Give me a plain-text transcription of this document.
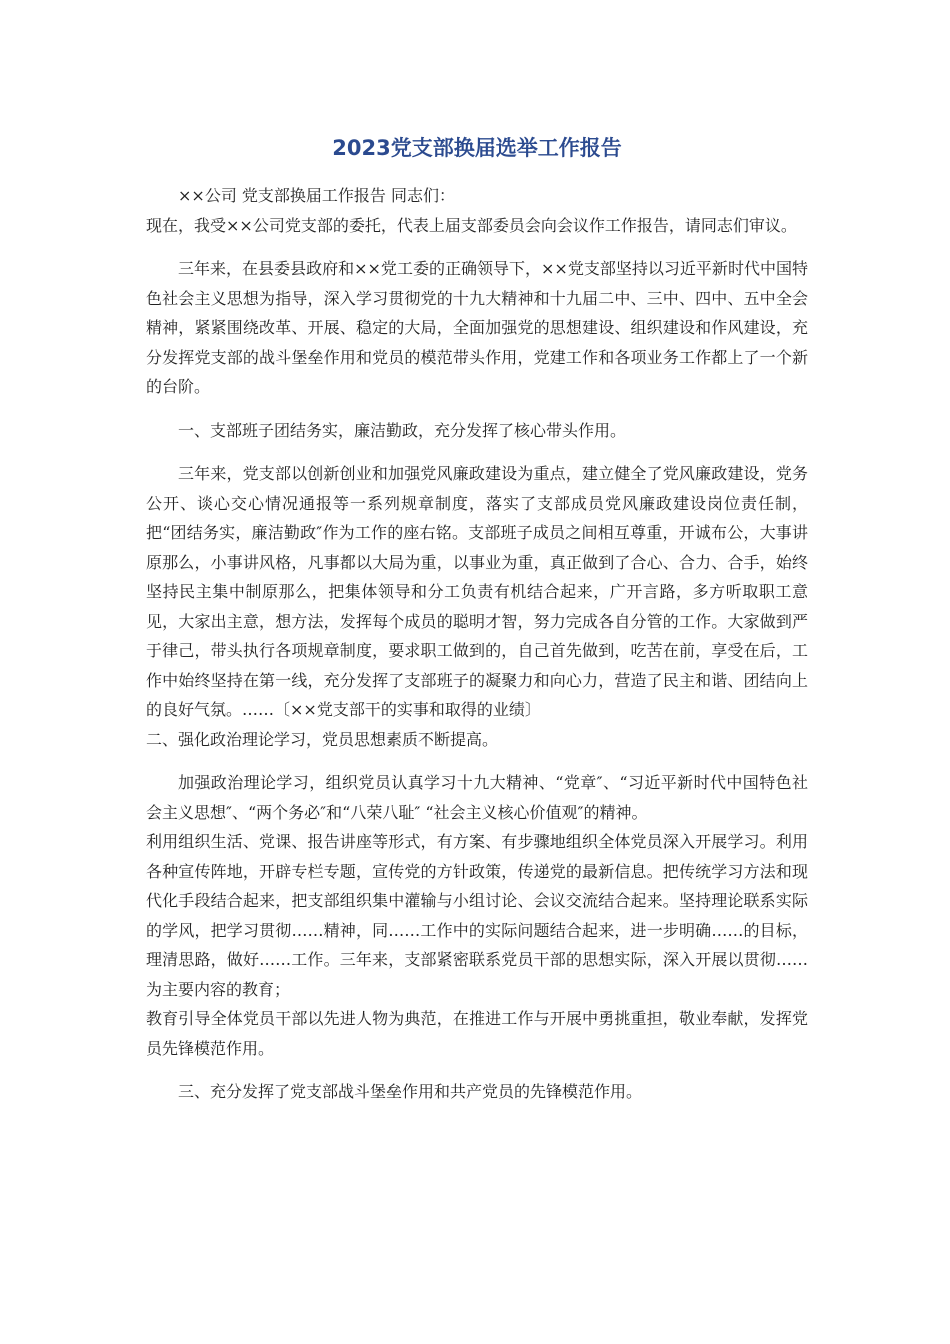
2023党支部换届选举工作报告

××公司 党支部换届工作报告 同志们：

现在，我受××公司党支部的委托，代表上届支部委员会向会议作工作报告，请同志们审议。

三年来，在县委县政府和××党工委的正确领导下，××党支部坚持以习近平新时代中国特色社会主义思想为指导，深入学习贯彻党的十九大精神和十九届二中、三中、四中、五中全会精神，紧紧围绕改革、开展、稳定的大局，全面加强党的思想建设、组织建设和作风建设，充分发挥党支部的战斗堡垒作用和党员的模范带头作用，党建工作和各项业务工作都上了一个新的台阶。

一、支部班子团结务实，廉洁勤政，充分发挥了核心带头作用。

三年来，党支部以创新创业和加强党风廉政建设为重点，建立健全了党风廉政建设，党务公开、谈心交心情况通报等一系列规章制度，落实了支部成员党风廉政建设岗位责任制，把“团结务实，廉洁勤政″作为工作的座右铭。支部班子成员之间相互尊重，开诚布公，大事讲原那么，小事讲风格，凡事都以大局为重，以事业为重，真正做到了合心、合力、合手，始终坚持民主集中制原那么，把集体领导和分工负责有机结合起来，广开言路，多方听取职工意见，大家出主意，想方法，发挥每个成员的聪明才智，努力完成各自分管的工作。大家做到严于律己，带头执行各项规章制度，要求职工做到的，自己首先做到，吃苦在前，享受在后，工作中始终坚持在第一线，充分发挥了支部班子的凝聚力和向心力，营造了民主和谐、团结向上的良好气氛。……〔××党支部干的实事和取得的业绩〕

二、强化政治理论学习，党员思想素质不断提高。

加强政治理论学习，组织党员认真学习十九大精神、“党章″、“习近平新时代中国特色社会主义思想″、“两个务必″和“八荣八耻″ “社会主义核心价值观″的精神。

利用组织生活、党课、报告讲座等形式，有方案、有步骤地组织全体党员深入开展学习。利用各种宣传阵地，开辟专栏专题，宣传党的方针政策，传递党的最新信息。把传统学习方法和现代化手段结合起来，把支部组织集中灌输与小组讨论、会议交流结合起来。坚持理论联系实际的学风，把学习贯彻……精神，同……工作中的实际问题结合起来，进一步明确……的目标，理清思路，做好……工作。三年来，支部紧密联系党员干部的思想实际，深入开展以贯彻……为主要内容的教育；

教育引导全体党员干部以先进人物为典范，在推进工作与开展中勇挑重担，敬业奉献，发挥党员先锋模范作用。

三、充分发挥了党支部战斗堡垒作用和共产党员的先锋模范作用。
